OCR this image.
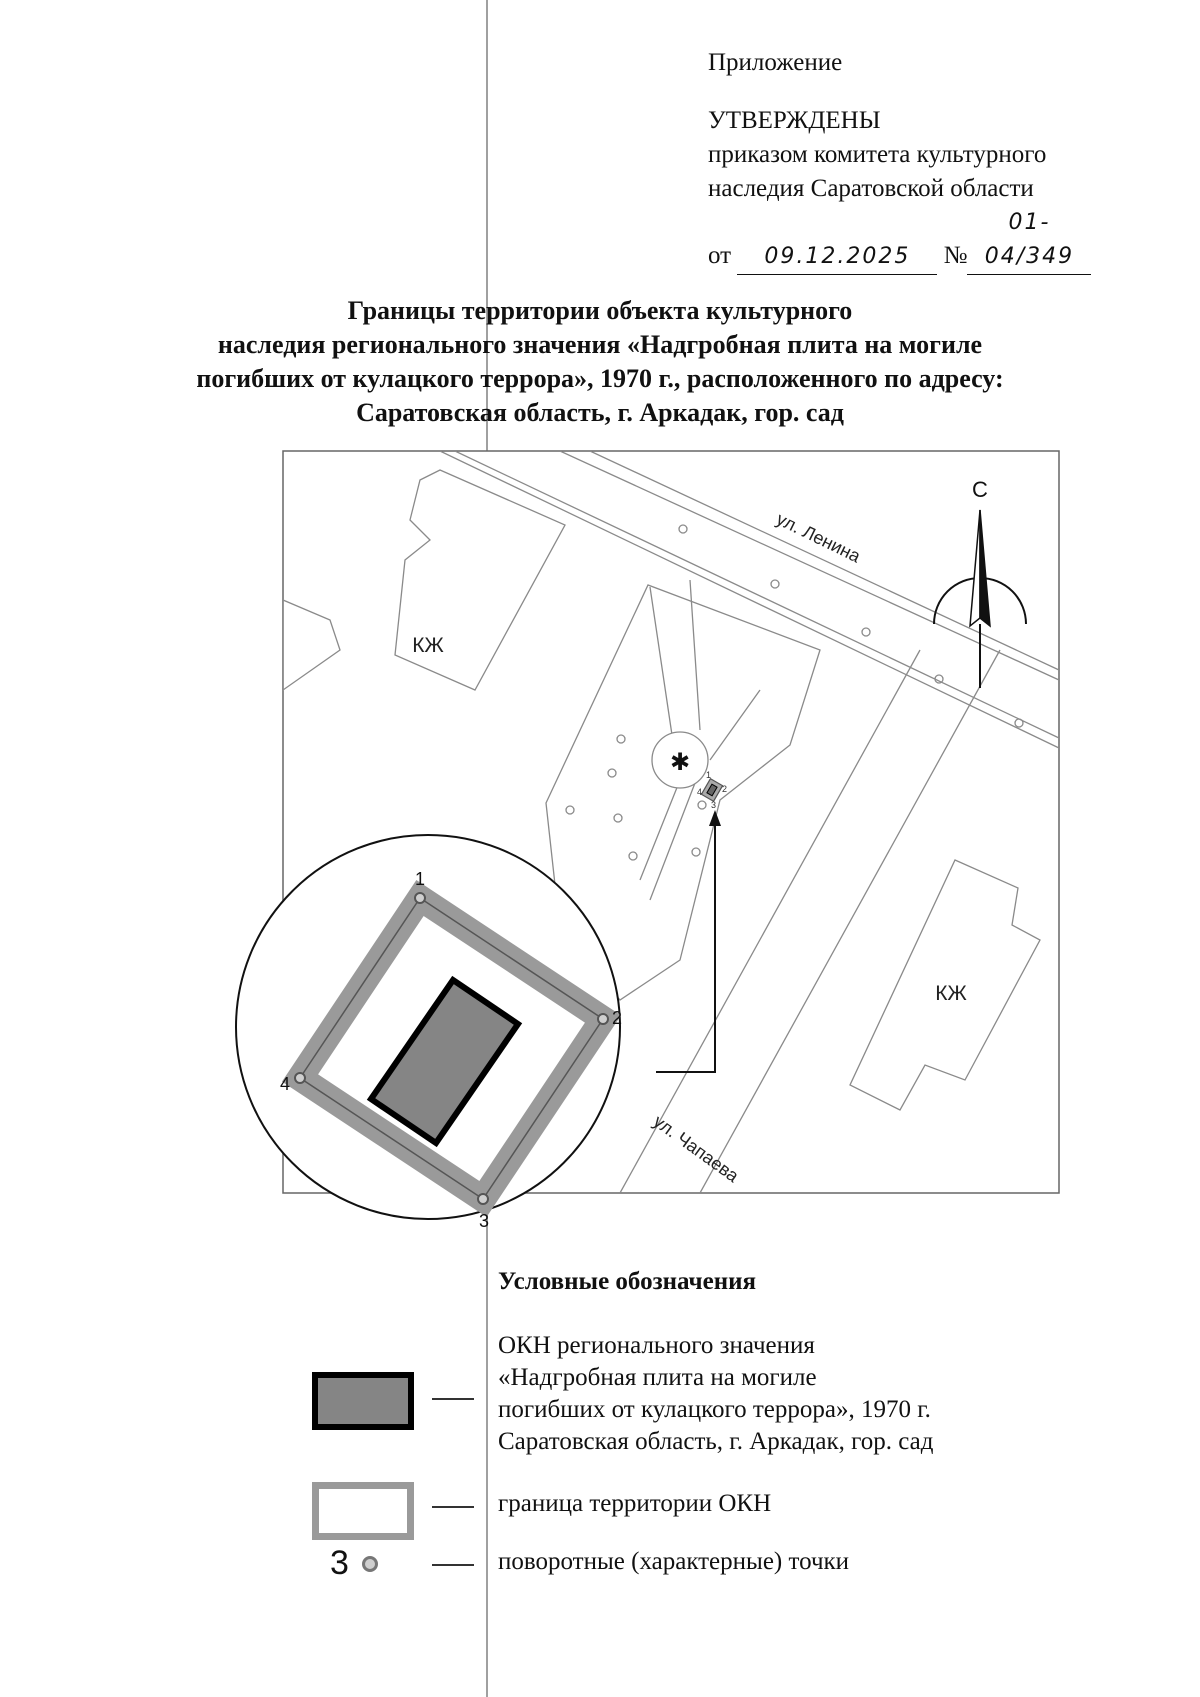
Приложение
УТВЕРЖДЕНЫ
приказом комитета культурного
наследия Саратовской области
от 09.12.2025 №01-04/349
Границы территории объекта культурного
наследия регионального значения «Надгробная плита на могиле
погибших от кулацкого террора», 1970 г., расположенного по адресу:
Саратовская область, г. Аркадак, гор. сад
✱ 1
2
3
4
ул. Ленина
ул. Чапаева
КЖ
КЖ
С
1
2
3
4
Условные обозначения
ОКН регионального значения
«Надгробная плита на могиле
погибших от кулацкого террора», 1970 г.
Саратовская область, г. Аркадак, гор. сад
граница территории ОКН
3	поворотные (характерные) точки
